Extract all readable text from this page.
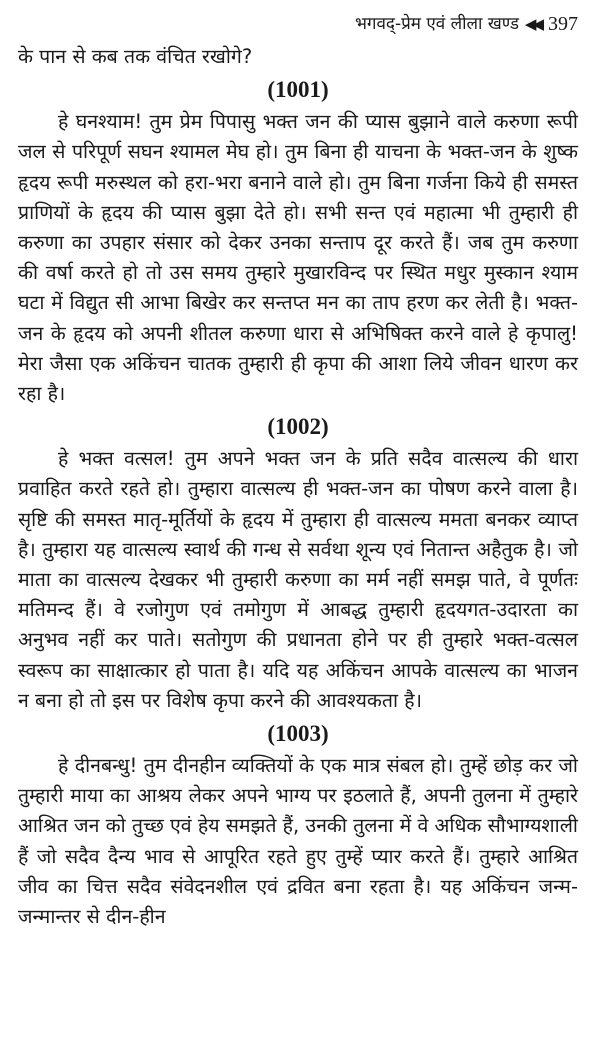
भगवद्-प्रेम एवं लीला खण्ड ◀◀ 397

के पान से कब तक वंचित रखोगे?

(1001)

हे घनश्याम! तुम प्रेम पिपासु भक्त जन की प्यास बुझाने वाले करुणा रूपी जल से परिपूर्ण सघन श्यामल मेघ हो। तुम बिना ही याचना के भक्त-जन के शुष्क हृदय रूपी मरुस्थल को हरा-भरा बनाने वाले हो। तुम बिना गर्जना किये ही समस्त प्राणियों के हृदय की प्यास बुझा देते हो। सभी सन्त एवं महात्मा भी तुम्हारी ही करुणा का उपहार संसार को देकर उनका सन्ताप दूर करते हैं। जब तुम करुणा की वर्षा करते हो तो उस समय तुम्हारे मुखारविन्द पर स्थित मधुर मुस्कान श्याम घटा में विद्युत सी आभा बिखेर कर सन्तप्त मन का ताप हरण कर लेती है। भक्त-जन के हृदय को अपनी शीतल करुणा धारा से अभिषिक्त करने वाले हे कृपालु! मेरा जैसा एक अकिंचन चातक तुम्हारी ही कृपा की आशा लिये जीवन धारण कर रहा है।

(1002)

हे भक्त वत्सल! तुम अपने भक्त जन के प्रति सदैव वात्सल्य की धारा प्रवाहित करते रहते हो। तुम्हारा वात्सल्य ही भक्त-जन का पोषण करने वाला है। सृष्टि की समस्त मातृ-मूर्तियों के हृदय में तुम्हारा ही वात्सल्य ममता बनकर व्याप्त है। तुम्हारा यह वात्सल्य स्वार्थ की गन्ध से सर्वथा शून्य एवं नितान्त अहैतुक है। जो माता का वात्सल्य देखकर भी तुम्हारी करुणा का मर्म नहीं समझ पाते, वे पूर्णतः मतिमन्द हैं। वे रजोगुण एवं तमोगुण में आबद्ध तुम्हारी हृदयगत-उदारता का अनुभव नहीं कर पाते। सतोगुण की प्रधानता होने पर ही तुम्हारे भक्त-वत्सल स्वरूप का साक्षात्कार हो पाता है। यदि यह अकिंचन आपके वात्सल्य का भाजन न बना हो तो इस पर विशेष कृपा करने की आवश्यकता है।

(1003)

हे दीनबन्धु! तुम दीनहीन व्यक्तियों के एक मात्र संबल हो। तुम्हें छोड़ कर जो तुम्हारी माया का आश्रय लेकर अपने भाग्य पर इठलाते हैं, अपनी तुलना में तुम्हारे आश्रित जन को तुच्छ एवं हेय समझते हैं, उनकी तुलना में वे अधिक सौभाग्यशाली हैं जो सदैव दैन्य भाव से आपूरित रहते हुए तुम्हें प्यार करते हैं। तुम्हारे आश्रित जीव का चित्त सदैव संवेदनशील एवं द्रवित बना रहता है। यह अकिंचन जन्म-जन्मान्तर से दीन-हीन
